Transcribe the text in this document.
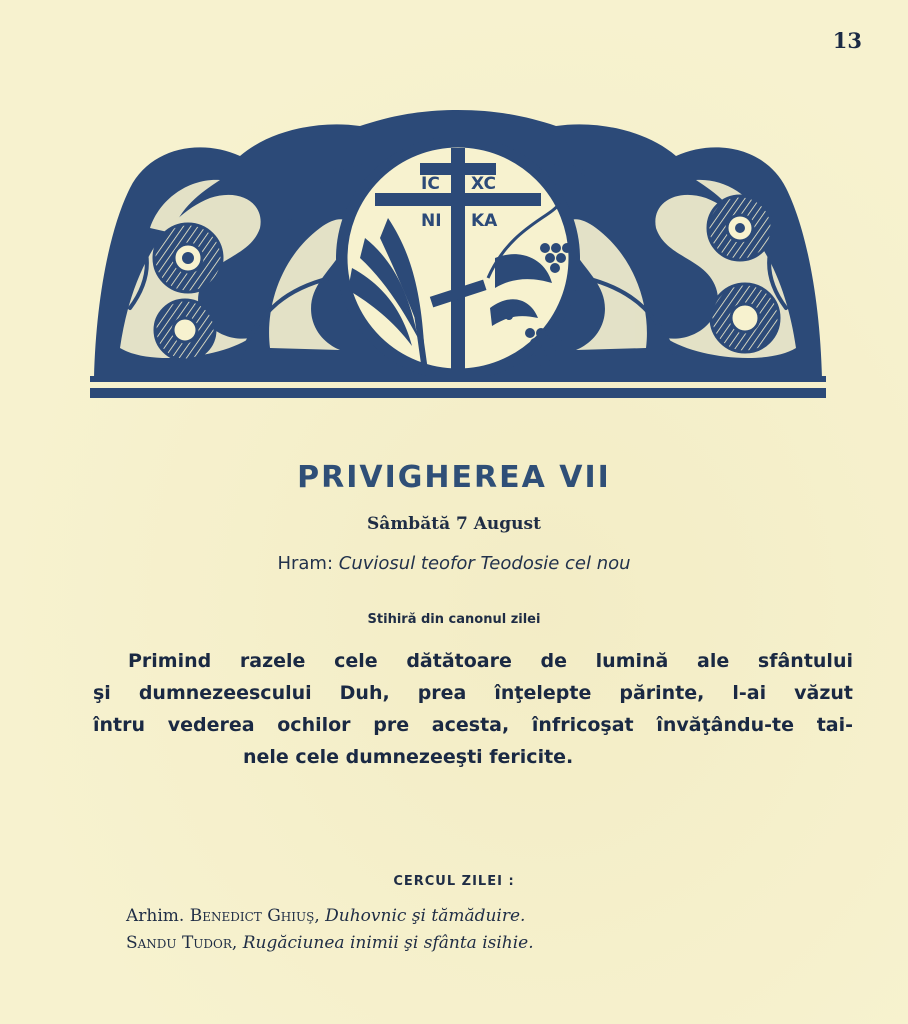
13
IC XC
NI KA
PRIVIGHEREA VII
Sâmbătă 7 August
Hram: Cuviosul teofor Teodosie cel nou
Stihiră din canonul zilei
Primind razele cele dătătoare de lumină ale sfântului
şi dumnezeescului Duh, prea înţelepte părinte, l-ai văzut
întru vederea ochilor pre acesta, înfricoşat învăţându-te tai-
nele cele dumnezeeşti fericite.
CERCUL ZILEI :
Arhim. Benedict Ghiuş, Duhovnic şi tămăduire.
Sandu Tudor, Rugăciunea inimii şi sfânta isihie.
